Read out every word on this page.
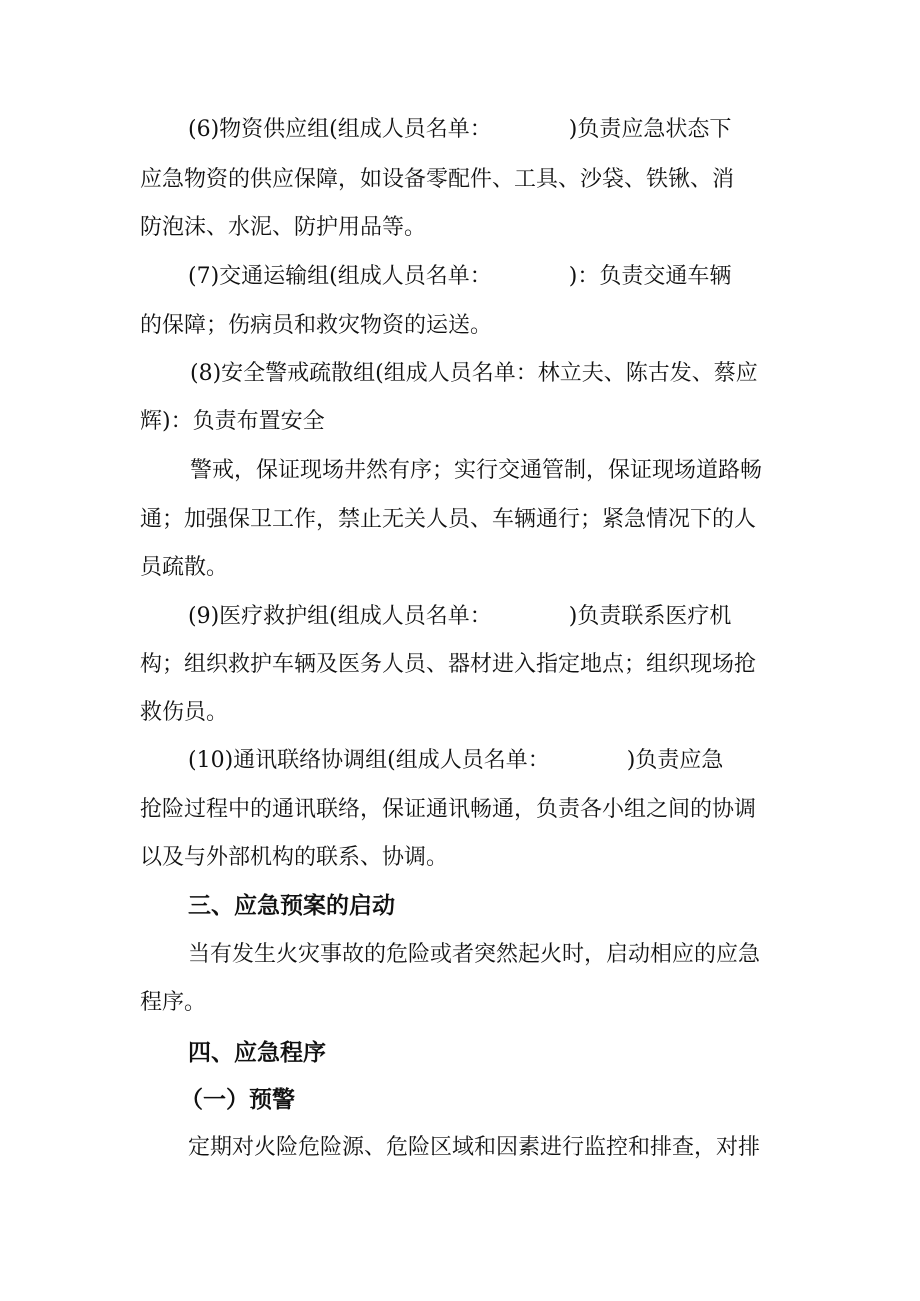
(6)物资供应组(组成人员名单：　　　　)负责应急状态下

应急物资的供应保障，如设备零配件、工具、沙袋、铁锹、消

防泡沫、水泥、防护用品等。

(7)交通运输组(组成人员名单：　　　　)：负责交通车辆

的保障；伤病员和救灾物资的运送。

(8)安全警戒疏散组(组成人员名单：林立夫、陈古发、蔡应

辉)：负责布置安全

警戒，保证现场井然有序；实行交通管制，保证现场道路畅

通；加强保卫工作，禁止无关人员、车辆通行；紧急情况下的人

员疏散。

(9)医疗救护组(组成人员名单：　　　　)负责联系医疗机

构；组织救护车辆及医务人员、器材进入指定地点；组织现场抢

救伤员。

(10)通讯联络协调组(组成人员名单：　　　　)负责应急

抢险过程中的通讯联络，保证通讯畅通，负责各小组之间的协调

以及与外部机构的联系、协调。

三、应急预案的启动

当有发生火灾事故的危险或者突然起火时，启动相应的应急

程序。

四、应急程序

（一）预警

定期对火险危险源、危险区域和因素进行监控和排查，对排
